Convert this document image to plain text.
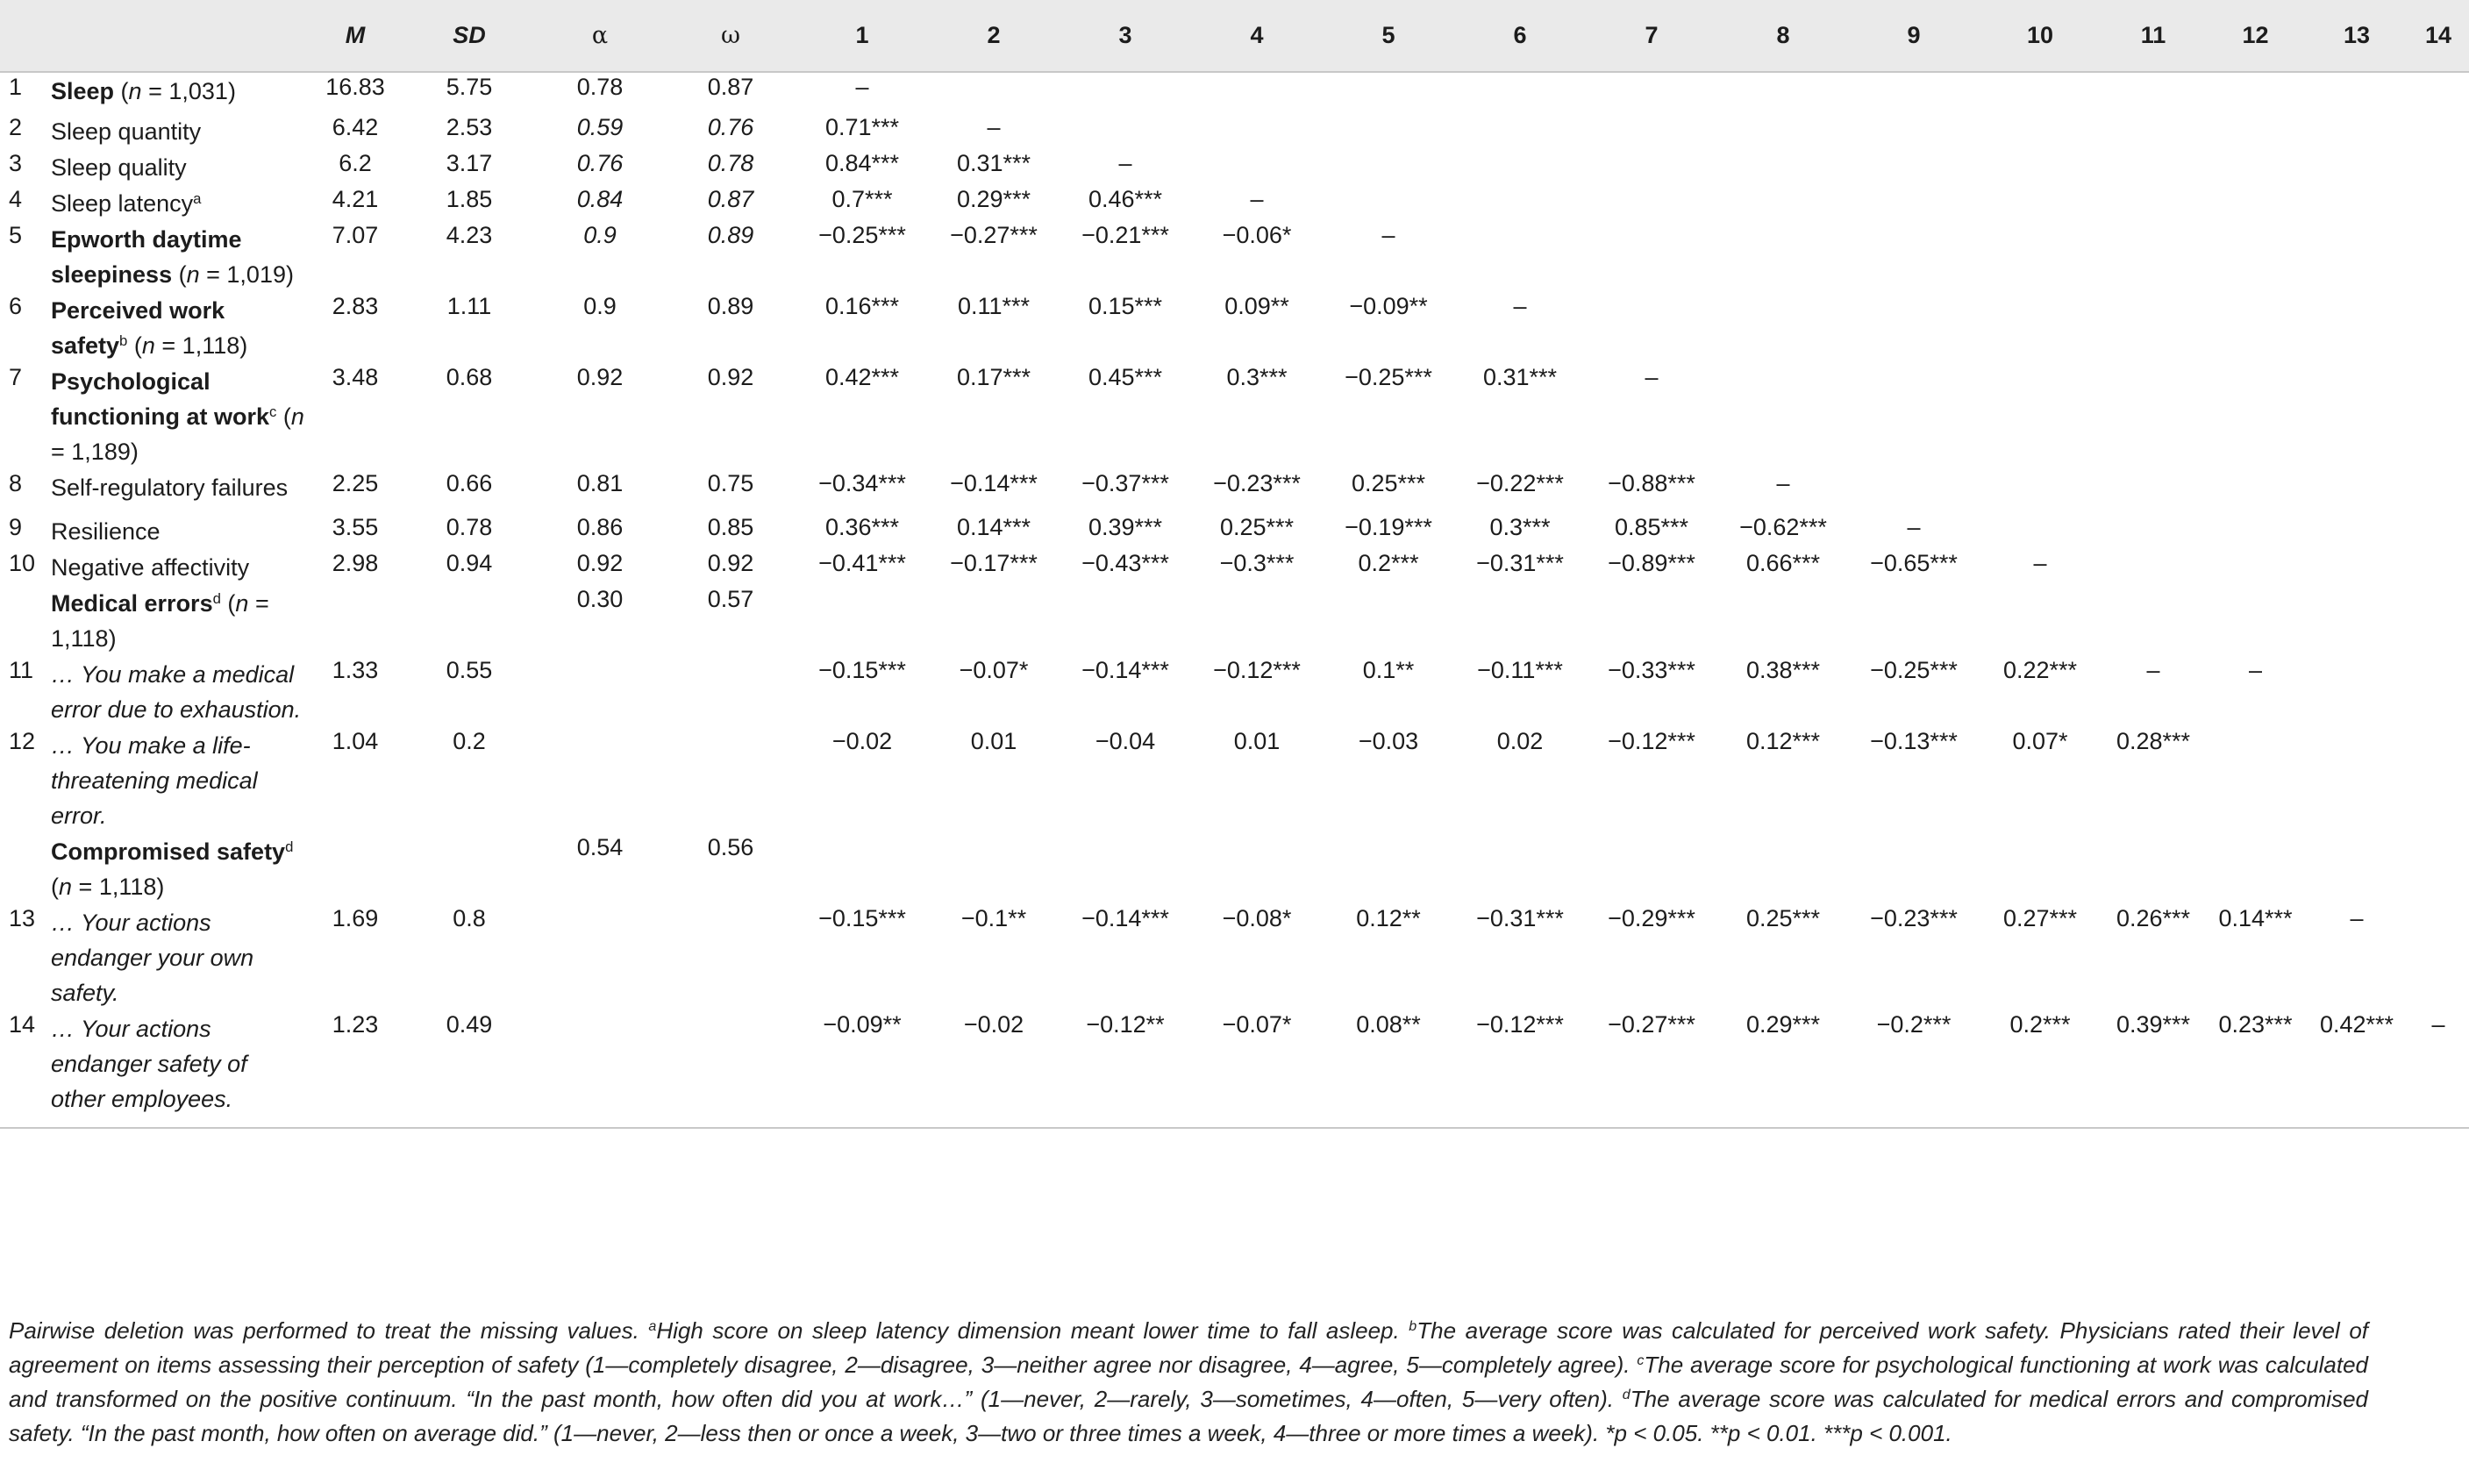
		M	SD	α	ω	1	2	3	4	5	6	7	8	9	10	11	12	13	14
1	Sleep (n = 1,031)	16.83	5.75	0.78	0.87	–													
2	Sleep quantity	6.42	2.53	0.59	0.76	0.71***	–												
3	Sleep quality	6.2	3.17	0.76	0.78	0.84***	0.31***	–											
4	Sleep latency$^a$	4.21	1.85	0.84	0.87	0.7***	0.29***	0.46***	–										
5	Epworth daytime sleepiness (n = 1,019)	7.07	4.23	0.9	0.89	−0.25***	−0.27***	−0.21***	−0.06*	–									
6	Perceived work safety$^b$ (n = 1,118)	2.83	1.11	0.9	0.89	0.16***	0.11***	0.15***	0.09**	−0.09**	–								
7	Psychological functioning at work$^c$ (n = 1,189)	3.48	0.68	0.92	0.92	0.42***	0.17***	0.45***	0.3***	−0.25***	0.31***	–							
8	Self-regulatory failures	2.25	0.66	0.81	0.75	−0.34***	−0.14***	−0.37***	−0.23***	0.25***	−0.22***	−0.88***	–						
9	Resilience	3.55	0.78	0.86	0.85	0.36***	0.14***	0.39***	0.25***	−0.19***	0.3***	0.85***	−0.62***	–					
10	Negative affectivity	2.98	0.94	0.92	0.92	−0.41***	−0.17***	−0.43***	−0.3***	0.2***	−0.31***	−0.89***	0.66***	−0.65***	–				
	Medical errors$^d$ (n = 1,118)			0.30	0.57														
11	… You make a medical error due to exhaustion.	1.33	0.55			−0.15***	−0.07*	−0.14***	−0.12***	0.1**	−0.11***	−0.33***	0.38***	−0.25***	0.22***	–	–		
12	… You make a life-threatening medical error.	1.04	0.2			−0.02	0.01	−0.04	0.01	−0.03	0.02	−0.12***	0.12***	−0.13***	0.07*	0.28***			
	Compromised safety$^d$ (n = 1,118)			0.54	0.56														
13	… Your actions endanger your own safety.	1.69	0.8			−0.15***	−0.1**	−0.14***	−0.08*	0.12**	−0.31***	−0.29***	0.25***	−0.23***	0.27***	0.26***	0.14***	–	
14	… Your actions endanger safety of other employees.	1.23	0.49			−0.09**	−0.02	−0.12**	−0.07*	0.08**	−0.12***	−0.27***	0.29***	−0.2***	0.2***	0.39***	0.23***	0.42***	–
Pairwise deletion was performed to treat the missing values. $^a$High score on sleep latency dimension meant lower time to fall asleep. $^b$The average score was calculated for perceived work safety. Physicians rated their level of agreement on items assessing their perception of safety (1—completely disagree, 2—disagree, 3—neither agree nor disagree, 4—agree, 5—completely agree). $^c$The average score for psychological functioning at work was calculated and transformed on the positive continuum. “In the past month, how often did you at work…” (1—never, 2—rarely, 3—sometimes, 4—often, 5—very often). $^d$The average score was calculated for medical errors and compromised safety. “In the past month, how often on average did.” (1—never, 2—less then or once a week, 3—two or three times a week, 4—three or more times a week). *p < 0.05. **p < 0.01. ***p < 0.001.
